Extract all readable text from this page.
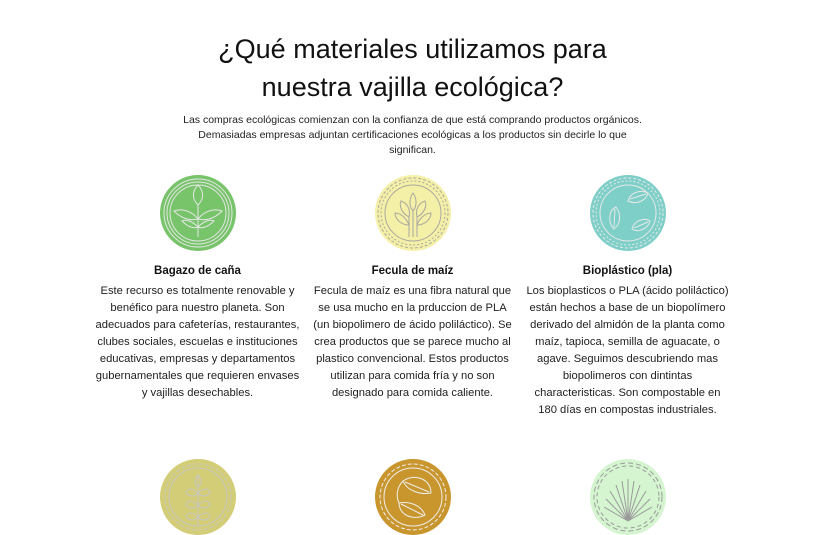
¿Qué materiales utilizamos para
nuestra vajilla ecológica?

Las compras ecológicas comienzan con la confianza de que está comprando productos orgánicos. Demasiadas empresas adjuntan certificaciones ecológicas a los productos sin decirle lo que significan.

Bagazo de caña
Este recurso es totalmente renovable y benéfico para nuestro planeta. Son adecuados para cafeterías, restaurantes, clubes sociales, escuelas e instituciones educativas, empresas y departamentos gubernamentales que requieren envases y vajillas desechables.
Fecula de maíz
Fecula de maíz es una fibra natural que se usa mucho en la prduccion de PLA (un biopolimero de ácido poliláctico). Se crea productos que se parece mucho al plastico convencional. Estos productos utilizan para comida fría y no son designado para comida caliente.
Bioplástico (pla)
Los bioplasticos o PLA (ácido poliláctico) están hechos a base de un biopolímero derivado del almidón de la planta como maíz, tapioca, semilla de aguacate, o agave. Seguimos descubriendo mas biopolimeros con dintintas characteristicas. Son compostable en 180 días en compostas industriales.
